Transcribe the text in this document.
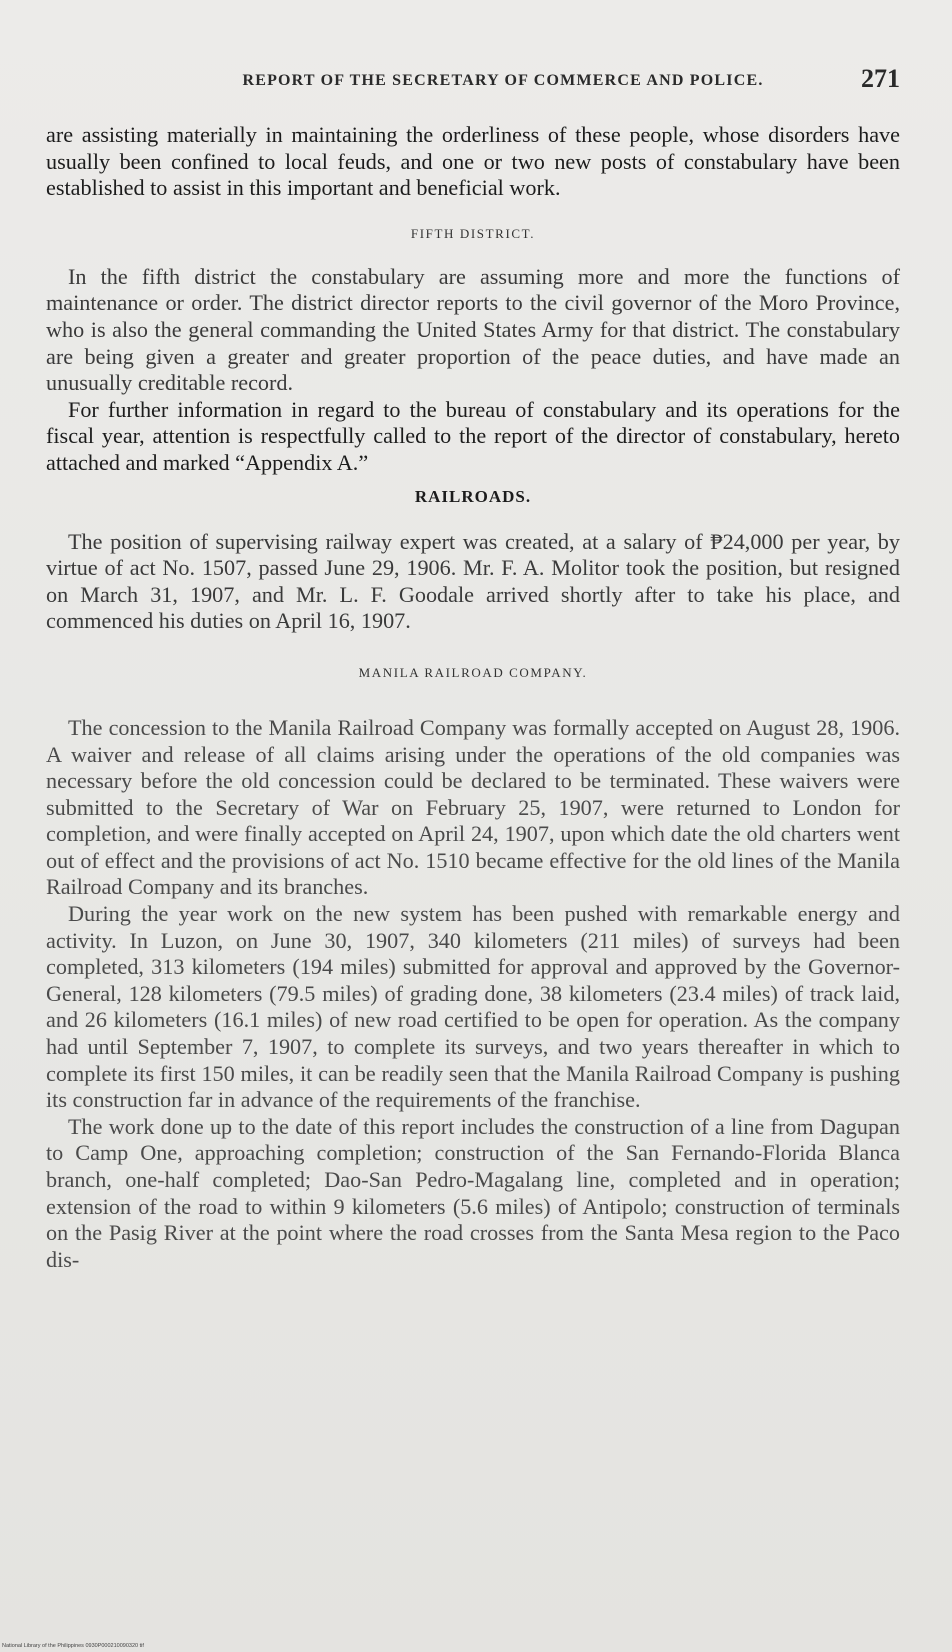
REPORT OF THE SECRETARY OF COMMERCE AND POLICE.	271

are assisting materially in maintaining the orderliness of these people, whose disorders have usually been confined to local feuds, and one or two new posts of constabulary have been established to assist in this important and beneficial work.

FIFTH DISTRICT.

In the fifth district the constabulary are assuming more and more the functions of maintenance or order. The district director reports to the civil governor of the Moro Province, who is also the general commanding the United States Army for that district. The constabulary are being given a greater and greater proportion of the peace duties, and have made an unusually creditable record.

For further information in regard to the bureau of constabulary and its operations for the fiscal year, attention is respectfully called to the report of the director of constabulary, hereto attached and marked “Appendix A.”

RAILROADS.

The position of supervising railway expert was created, at a salary of ₱24,000 per year, by virtue of act No. 1507, passed June 29, 1906. Mr. F. A. Molitor took the position, but resigned on March 31, 1907, and Mr. L. F. Goodale arrived shortly after to take his place, and commenced his duties on April 16, 1907.

MANILA RAILROAD COMPANY.

The concession to the Manila Railroad Company was formally accepted on August 28, 1906. A waiver and release of all claims arising under the operations of the old companies was necessary before the old concession could be declared to be terminated. These waivers were submitted to the Secretary of War on February 25, 1907, were returned to London for completion, and were finally accepted on April 24, 1907, upon which date the old charters went out of effect and the provisions of act No. 1510 became effective for the old lines of the Manila Railroad Company and its branches.

During the year work on the new system has been pushed with remarkable energy and activity. In Luzon, on June 30, 1907, 340 kilometers (211 miles) of surveys had been completed, 313 kilometers (194 miles) submitted for approval and approved by the Governor-General, 128 kilometers (79.5 miles) of grading done, 38 kilometers (23.4 miles) of track laid, and 26 kilometers (16.1 miles) of new road certified to be open for operation. As the company had until September 7, 1907, to complete its surveys, and two years thereafter in which to complete its first 150 miles, it can be readily seen that the Manila Railroad Company is pushing its construction far in advance of the requirements of the franchise.

The work done up to the date of this report includes the construction of a line from Dagupan to Camp One, approaching completion; construction of the San Fernando-Florida Blanca branch, one-half completed; Dao-San Pedro-Magalang line, completed and in operation; extension of the road to within 9 kilometers (5.6 miles) of Antipolo; construction of terminals on the Pasig River at the point where the road crosses from the Santa Mesa region to the Paco dis-

National Library of the Philippines 0930P000210090320 tif
